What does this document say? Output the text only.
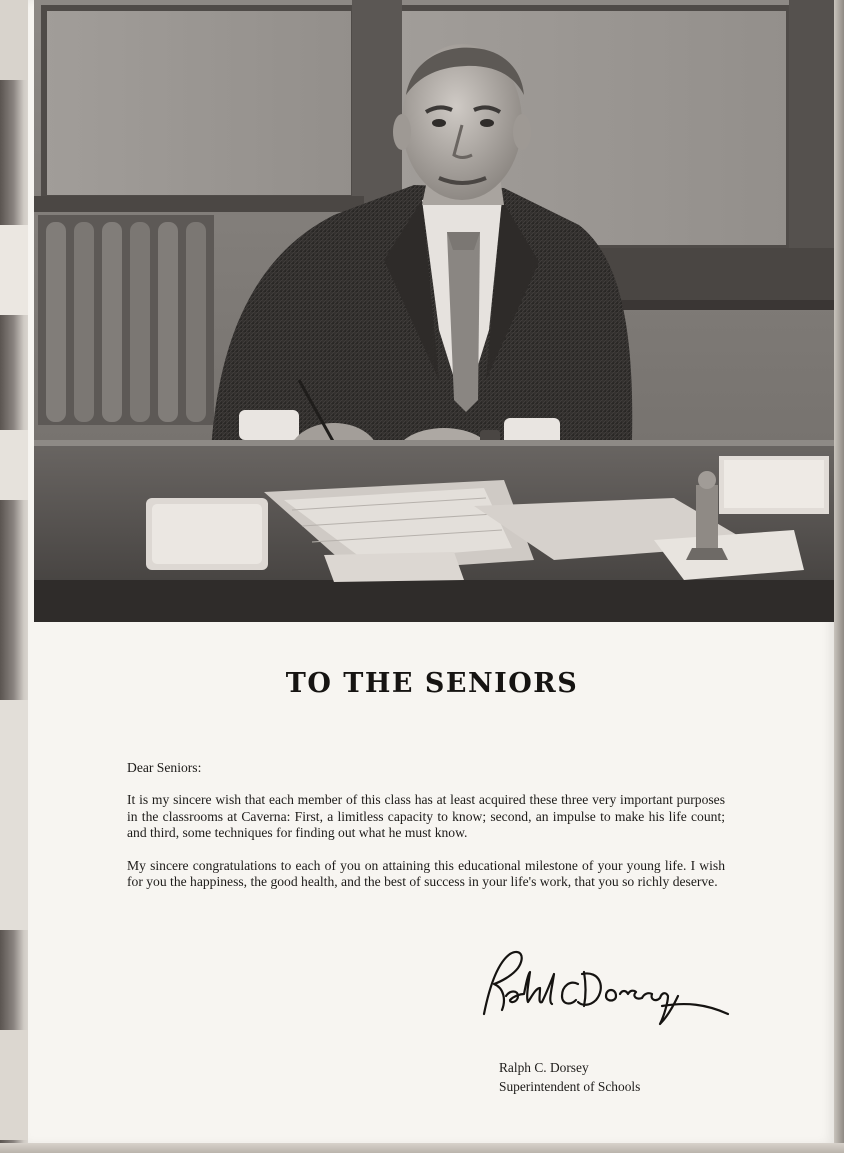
TO THE SENIORS

Dear Seniors:

It is my sincere wish that each member of this class has at least acquired these three very important purposes in the classrooms at Caverna: First, a limitless capacity to know; second, an impulse to make his life count; and third, some techniques for finding out what he must know.

My sincere congratulations to each of you on attaining this educational milestone of your young life. I wish for you the happiness, the good health, and the best of success in your life's work, that you so richly deserve.

Ralph C. Dorsey
Superintendent of Schools
